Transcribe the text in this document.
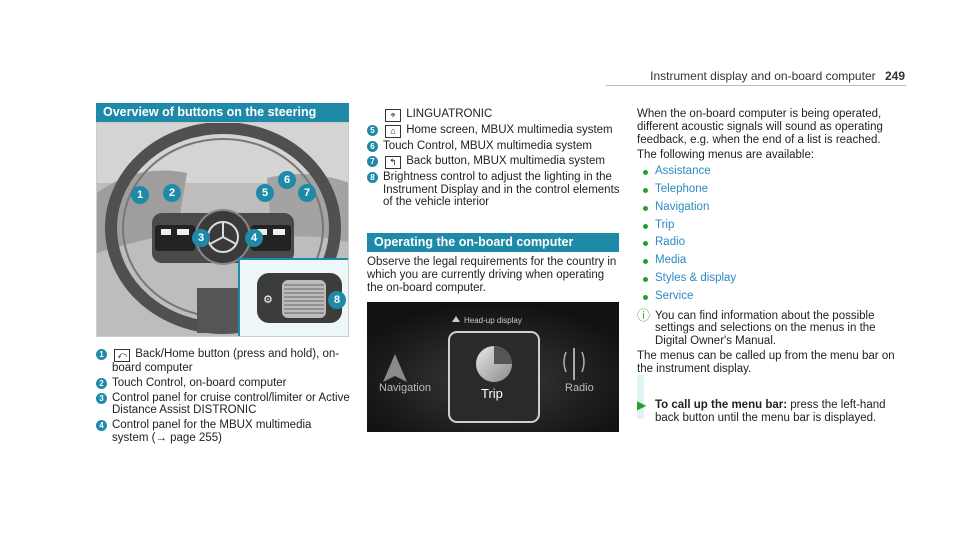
Instrument display and on-board computer 249
Overview of buttons on the steering
⚙
1	2
3	4
5
6
7
8
1	⤺ Back/Home button (press and hold), on-board computer
2 Touch Control, on-board computer
3 Control panel for cruise control/limiter or Active Distance Assist DISTRONIC
4 Control panel for the MBUX multimedia system (→ page 255)
⌖ LINGUATRONIC
5	⌂ Home screen, MBUX multimedia system
6 Touch Control, MBUX multimedia system
7	↰ Back button, MBUX multimedia system
8 Brightness control to adjust the lighting in the Instrument Display and in the control elements of the vehicle interior
Operating the on-board computer
Observe the legal requirements for the country in which you are currently driving when operating the on-board computer.
Head-up display
Navigation	Trip	Radio
When the on-board computer is being operated, different acoustic signals will sound as operating feedback, e.g. when the end of a list is reached.
The following menus are available:
Assistance
Telephone
Navigation
Trip
Radio
Media
Styles & display
Service
ⓘ You can find information about the possible settings and selections on the menus in the Digital Owner's Manual.
The menus can be called up from the menu bar on the instrument display.
▶ To call up the menu bar: press the left-hand back button until the menu bar is displayed.
